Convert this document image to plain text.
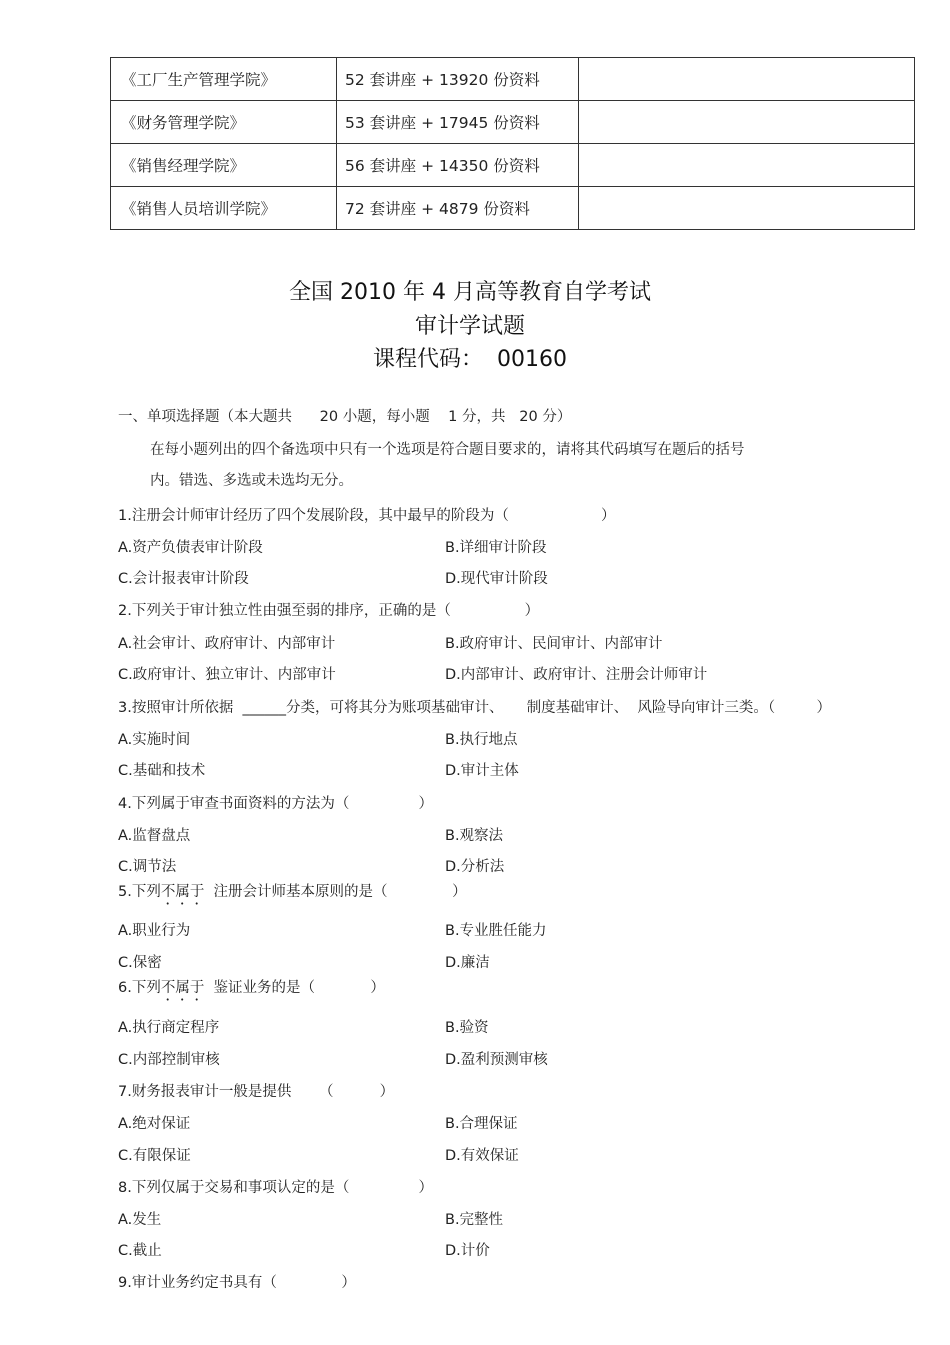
《工厂生产管理学院》	52 套讲座 + 13920 份资料	
《财务管理学院》	53 套讲座 + 17945 份资料	
《销售经理学院》	56 套讲座 + 14350 份资料	
《销售人员培训学院》	72 套讲座 + 4879 份资料	
全国 2010 年 4 月高等教育自学考试
审计学试题
课程代码：  00160
一、单项选择题（本大题共      20 小题，每小题    1 分，共   20 分）
在每小题列出的四个备选项中只有一个选项是符合题目要求的，请将其代码填写在题后的括号
内。错选、多选或未选均无分。
1.注册会计师审计经历了四个发展阶段，其中最早的阶段为（                    ）
A.资产负债表审计阶段	B.详细审计阶段
C.会计报表审计阶段	D.现代审计阶段
2.下列关于审计独立性由强至弱的排序，正确的是（                ）
A.社会审计、政府审计、内部审计	B.政府审计、民间审计、内部审计
C.政府审计、独立审计、内部审计	D.内部审计、政府审计、注册会计师审计
3.按照审计所依据  ______分类，可将其分为账项基础审计、     制度基础审计、  风险导向审计三类。（         ）
A.实施时间	B.执行地点
C.基础和技术	D.审计主体
4.下列属于审查书面资料的方法为（               ）
A.监督盘点	B.观察法
C.调节法	D.分析法
5.下列不属于  注册会计师基本原则的是（              ）
A.职业行为	B.专业胜任能力
C.保密	D.廉洁
6.下列不属于  鉴证业务的是（            ）
A.执行商定程序	B.验资
C.内部控制审核	D.盈利预测审核
7.财务报表审计一般是提供      （          ）
A.绝对保证	B.合理保证
C.有限保证	D.有效保证
8.下列仅属于交易和事项认定的是（               ）
A.发生	B.完整性
C.截止	D.计价
9.审计业务约定书具有（              ）
